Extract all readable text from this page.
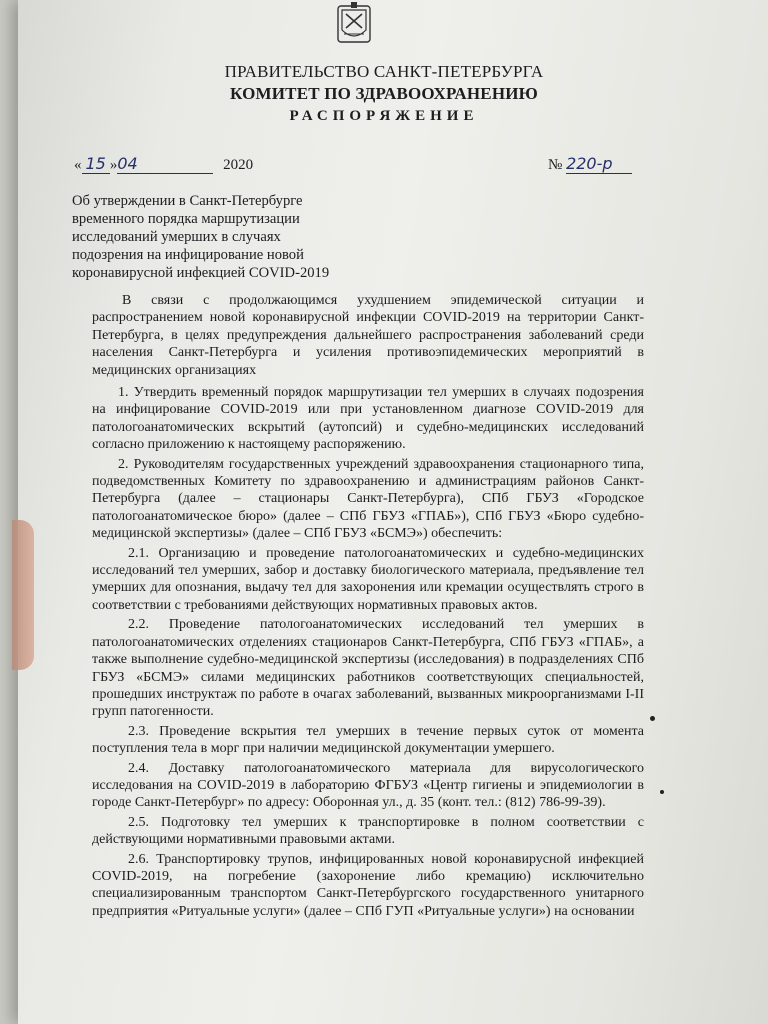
ПРАВИТЕЛЬСТВО САНКТ-ПЕТЕРБУРГА
КОМИТЕТ ПО ЗДРАВООХРАНЕНИЮ
РАСПОРЯЖЕНИЕ
« 15 »04	2020	№ 220-р
Об утверждении в Санкт-Петербурге
временного порядка маршрутизации
исследований умерших в случаях
подозрения на инфицирование новой
коронавирусной инфекцией COVID-2019

В связи с продолжающимся ухудшением эпидемической ситуации и распространением новой коронавирусной инфекции COVID-2019 на территории Санкт-Петербурга, в целях предупреждения дальнейшего распространения заболеваний среди населения Санкт-Петербурга и усиления противоэпидемических мероприятий в медицинских организациях

1. Утвердить временный порядок маршрутизации тел умерших в случаях подозрения на инфицирование COVID-2019 или при установленном диагнозе COVID-2019 для патологоанатомических вскрытий (аутопсий) и судебно-медицинских исследований согласно приложению к настоящему распоряжению.

2. Руководителям государственных учреждений здравоохранения стационарного типа, подведомственных Комитету по здравоохранению и администрациям районов Санкт-Петербурга (далее – стационары Санкт-Петербурга), СПб ГБУЗ «Городское патологоанатомическое бюро» (далее – СПб ГБУЗ «ГПАБ»), СПб ГБУЗ «Бюро судебно-медицинской экспертизы» (далее – СПб ГБУЗ «БСМЭ») обеспечить:

2.1. Организацию и проведение патологоанатомических и судебно-медицинских исследований тел умерших, забор и доставку биологического материала, предъявление тел умерших для опознания, выдачу тел для захоронения или кремации осуществлять строго в соответствии с требованиями действующих нормативных правовых актов.

2.2. Проведение патологоанатомических исследований тел умерших в патологоанатомических отделениях стационаров Санкт-Петербурга, СПб ГБУЗ «ГПАБ», а также выполнение судебно-медицинской экспертизы (исследования) в подразделениях СПб ГБУЗ «БСМЭ» силами медицинских работников соответствующих специальностей, прошедших инструктаж по работе в очагах заболеваний, вызванных микроорганизмами I-II групп патогенности.

2.3. Проведение вскрытия тел умерших в течение первых суток от момента поступления тела в морг при наличии медицинской документации умершего.

2.4. Доставку патологоанатомического материала для вирусологического исследования на COVID-2019 в лабораторию ФГБУЗ «Центр гигиены и эпидемиологии в городе Санкт-Петербург» по адресу: Оборонная ул., д. 35 (конт. тел.: (812) 786-99-39).

2.5. Подготовку тел умерших к транспортировке в полном соответствии с действующими нормативными правовыми актами.

2.6. Транспортировку трупов, инфицированных новой коронавирусной инфекцией COVID-2019, на погребение (захоронение либо кремацию) исключительно специализированным транспортом Санкт-Петербургского государственного унитарного предприятия «Ритуальные услуги» (далее – СПб ГУП «Ритуальные услуги») на основании
